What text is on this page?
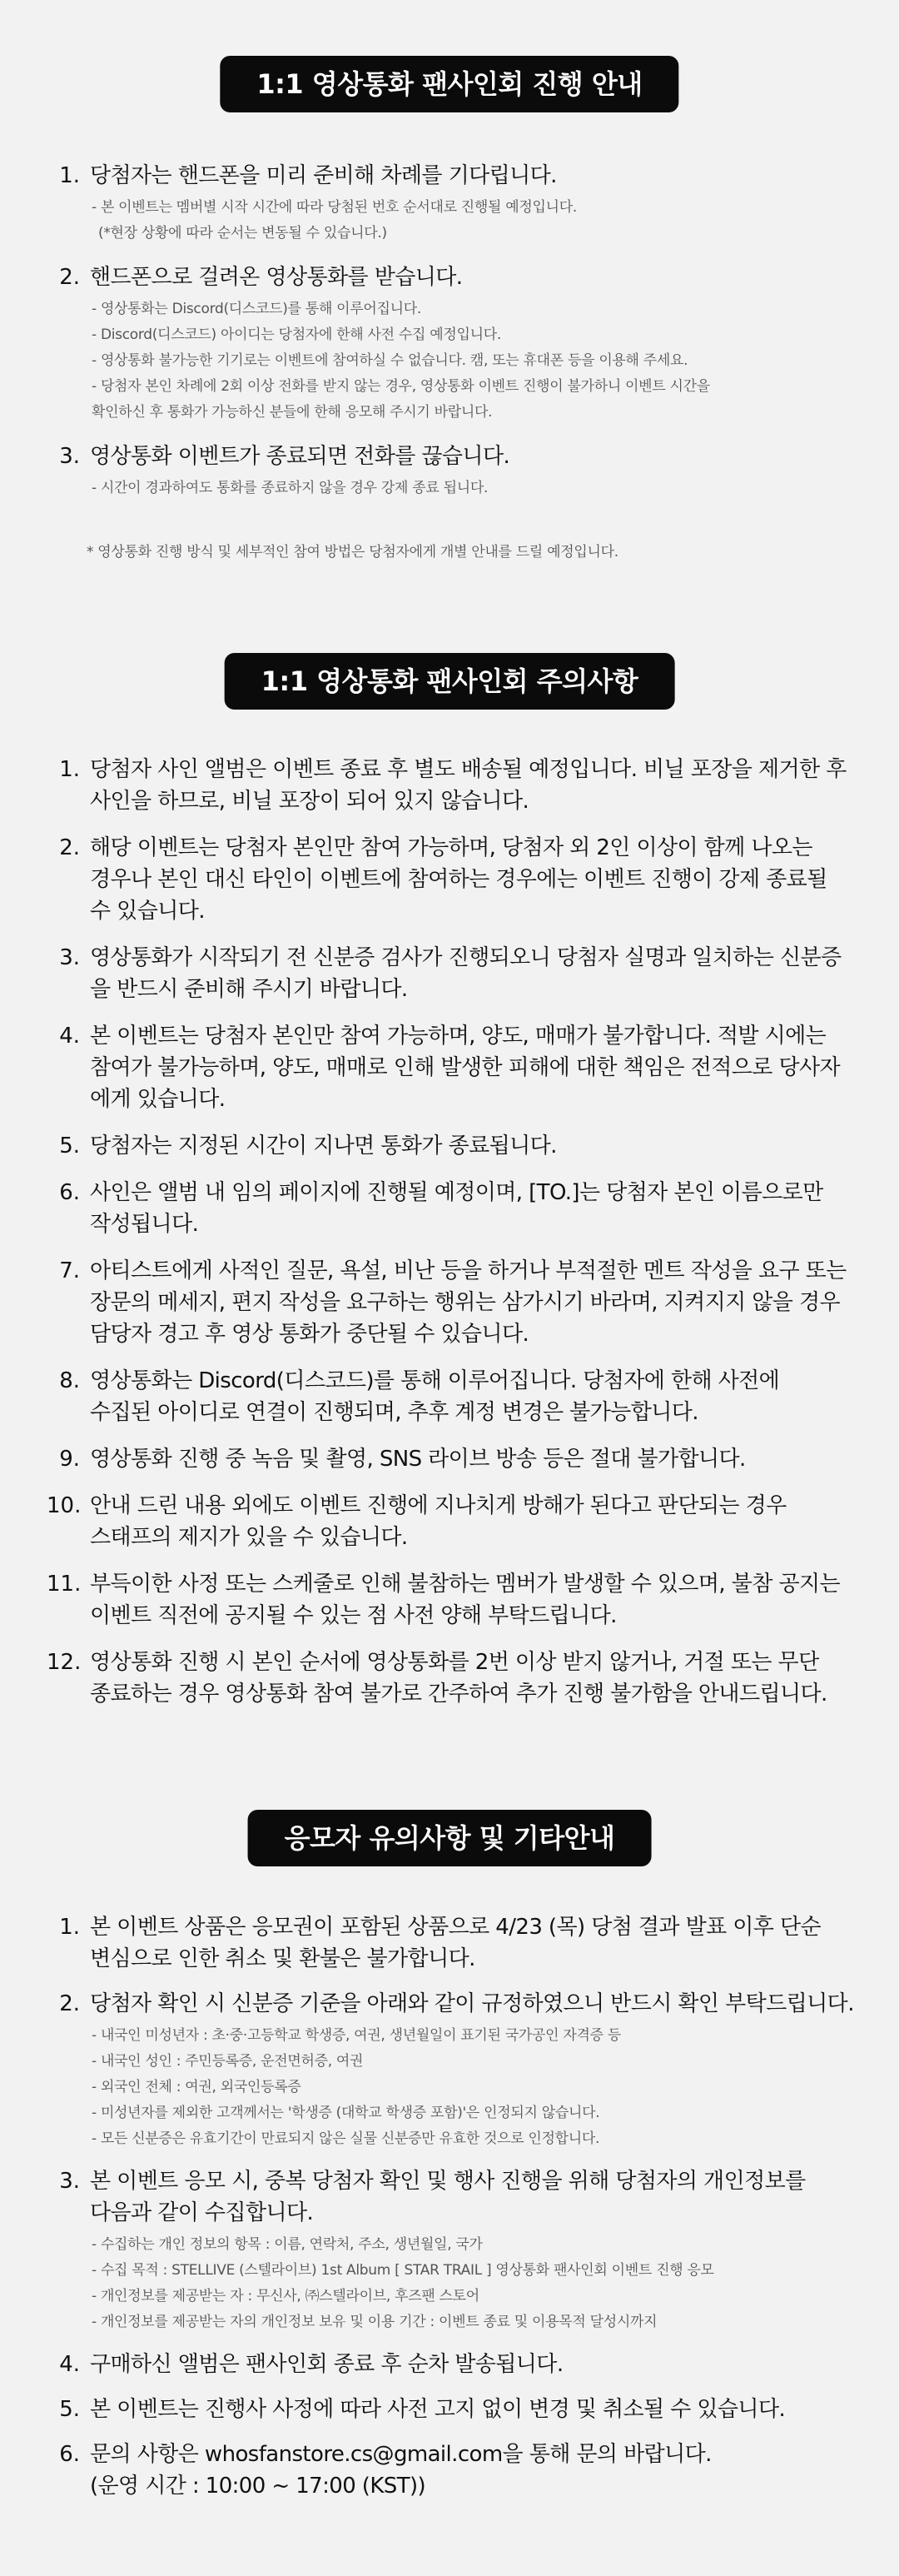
1:1 영상통화 팬사인회 진행 안내
1. 당첨자는 핸드폰을 미리 준비해 차례를 기다립니다.
- 본 이벤트는 멤버별 시작 시간에 따라 당첨된 번호 순서대로 진행될 예정입니다.
(*현장 상황에 따라 순서는 변동될 수 있습니다.)
2. 핸드폰으로 걸려온 영상통화를 받습니다.
- 영상통화는 Discord(디스코드)를 통해 이루어집니다.
- Discord(디스코드) 아이디는 당첨자에 한해 사전 수집 예정입니다.
- 영상통화 불가능한 기기로는 이벤트에 참여하실 수 없습니다. 캠, 또는 휴대폰 등을 이용해 주세요.
- 당첨자 본인 차례에 2회 이상 전화를 받지 않는 경우, 영상통화 이벤트 진행이 불가하니 이벤트 시간을
확인하신 후 통화가 가능하신 분들에 한해 응모해 주시기 바랍니다.
3. 영상통화 이벤트가 종료되면 전화를 끊습니다.
- 시간이 경과하여도 통화를 종료하지 않을 경우 강제 종료 됩니다.
* 영상통화 진행 방식 및 세부적인 참여 방법은 당첨자에게 개별 안내를 드릴 예정입니다.
1:1 영상통화 팬사인회 주의사항
1. 당첨자 사인 앨범은 이벤트 종료 후 별도 배송될 예정입니다. 비닐 포장을 제거한 후
사인을 하므로, 비닐 포장이 되어 있지 않습니다.
2. 해당 이벤트는 당첨자 본인만 참여 가능하며, 당첨자 외 2인 이상이 함께 나오는
경우나 본인 대신 타인이 이벤트에 참여하는 경우에는 이벤트 진행이 강제 종료될
수 있습니다.
3. 영상통화가 시작되기 전 신분증 검사가 진행되오니 당첨자 실명과 일치하는 신분증
을 반드시 준비해 주시기 바랍니다.
4. 본 이벤트는 당첨자 본인만 참여 가능하며, 양도, 매매가 불가합니다. 적발 시에는
참여가 불가능하며, 양도, 매매로 인해 발생한 피해에 대한 책임은 전적으로 당사자
에게 있습니다.
5. 당첨자는 지정된 시간이 지나면 통화가 종료됩니다.
6. 사인은 앨범 내 임의 페이지에 진행될 예정이며, [TO.]는 당첨자 본인 이름으로만
작성됩니다.
7. 아티스트에게 사적인 질문, 욕설, 비난 등을 하거나 부적절한 멘트 작성을 요구 또는
장문의 메세지, 편지 작성을 요구하는 행위는 삼가시기 바라며, 지켜지지 않을 경우
담당자 경고 후 영상 통화가 중단될 수 있습니다.
8. 영상통화는 Discord(디스코드)를 통해 이루어집니다. 당첨자에 한해 사전에
수집된 아이디로 연결이 진행되며, 추후 계정 변경은 불가능합니다.
9. 영상통화 진행 중 녹음 및 촬영, SNS 라이브 방송 등은 절대 불가합니다.
10. 안내 드린 내용 외에도 이벤트 진행에 지나치게 방해가 된다고 판단되는 경우
스태프의 제지가 있을 수 있습니다.
11. 부득이한 사정 또는 스케줄로 인해 불참하는 멤버가 발생할 수 있으며, 불참 공지는
이벤트 직전에 공지될 수 있는 점 사전 양해 부탁드립니다.
12. 영상통화 진행 시 본인 순서에 영상통화를 2번 이상 받지 않거나, 거절 또는 무단
종료하는 경우 영상통화 참여 불가로 간주하여 추가 진행 불가함을 안내드립니다.
응모자 유의사항 및 기타안내
1. 본 이벤트 상품은 응모권이 포함된 상품으로 4/23 (목) 당첨 결과 발표 이후 단순
변심으로 인한 취소 및 환불은 불가합니다.
2. 당첨자 확인 시 신분증 기준을 아래와 같이 규정하였으니 반드시 확인 부탁드립니다.
- 내국인 미성년자 : 초·중·고등학교 학생증, 여권, 생년월일이 표기된 국가공인 자격증 등
- 내국인 성인 : 주민등록증, 운전면허증, 여권
- 외국인 전체 : 여권, 외국인등록증
- 미성년자를 제외한 고객께서는 '학생증 (대학교 학생증 포함)'은 인정되지 않습니다.
- 모든 신분증은 유효기간이 만료되지 않은 실물 신분증만 유효한 것으로 인정합니다.
3. 본 이벤트 응모 시, 중복 당첨자 확인 및 행사 진행을 위해 당첨자의 개인정보를
다음과 같이 수집합니다.
- 수집하는 개인 정보의 항목 : 이름, 연락처, 주소, 생년월일, 국가
- 수집 목적 : STELLIVE (스텔라이브) 1st Album [ STAR TRAIL ] 영상통화 팬사인회 이벤트 진행 응모
- 개인정보를 제공받는 자 : 무신사, ㈜스텔라이브, 후즈팬 스토어
- 개인정보를 제공받는 자의 개인정보 보유 및 이용 기간 : 이벤트 종료 및 이용목적 달성시까지
4. 구매하신 앨범은 팬사인회 종료 후 순차 발송됩니다.
5. 본 이벤트는 진행사 사정에 따라 사전 고지 없이 변경 및 취소될 수 있습니다.
6. 문의 사항은 whosfanstore.cs@gmail.com을 통해 문의 바랍니다.
(운영 시간 : 10:00 ~ 17:00 (KST))
